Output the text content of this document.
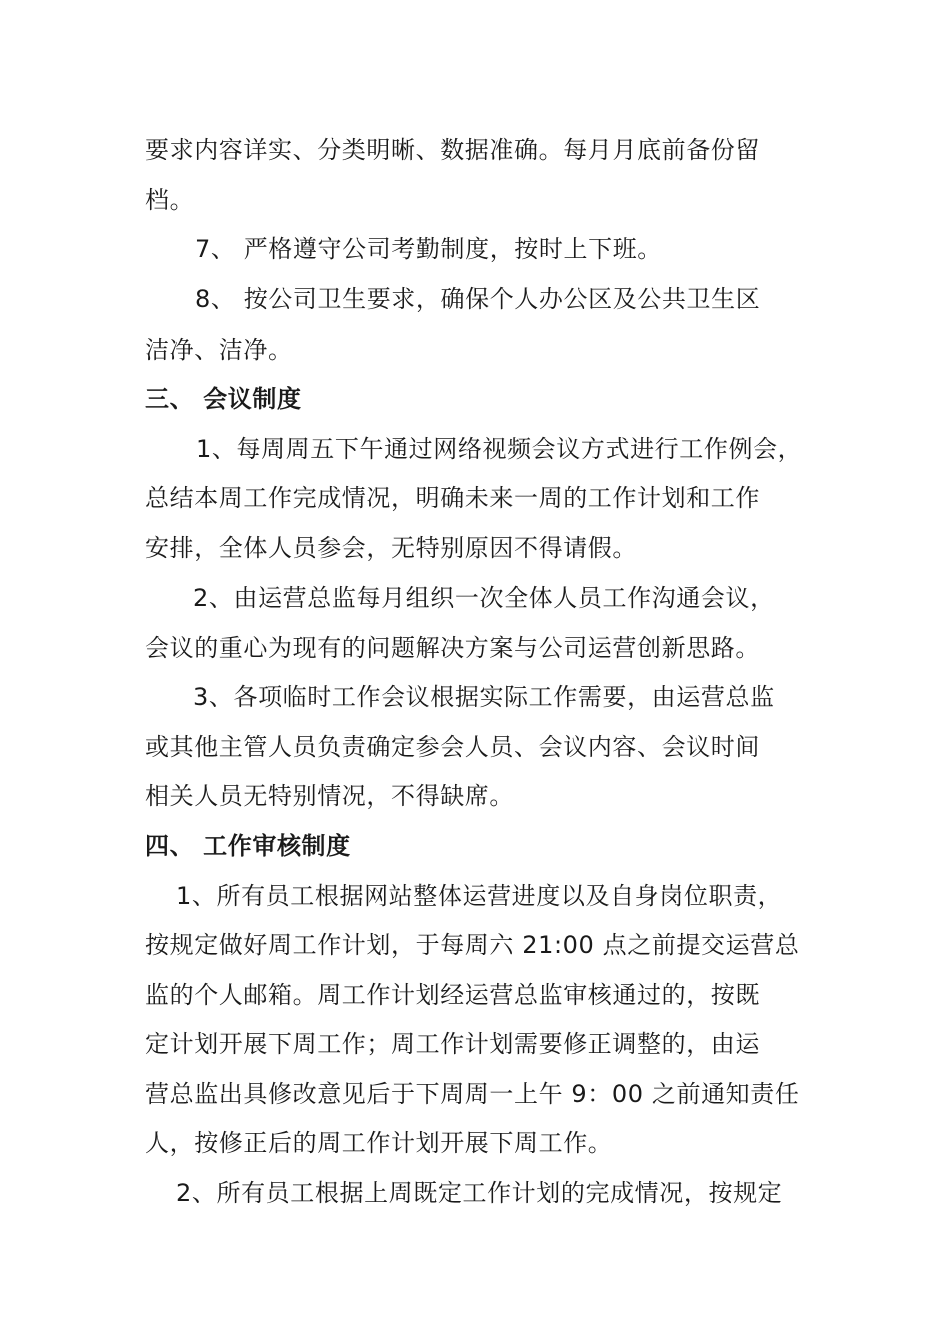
要求内容详实、分类明晰、数据准确。每月月底前备份留
档。
7、 严格遵守公司考勤制度，按时上下班。
8、 按公司卫生要求，确保个人办公区及公共卫生区
洁净、洁净。
三、 会议制度
1、每周周五下午通过网络视频会议方式进行工作例会，
总结本周工作完成情况，明确未来一周的工作计划和工作
安排，全体人员参会，无特别原因不得请假。
2、由运营总监每月组织一次全体人员工作沟通会议，
会议的重心为现有的问题解决方案与公司运营创新思路。
3、各项临时工作会议根据实际工作需要，由运营总监
或其他主管人员负责确定参会人员、会议内容、会议时间
相关人员无特别情况，不得缺席。
四、 工作审核制度
1、所有员工根据网站整体运营进度以及自身岗位职责，
按规定做好周工作计划，于每周六 21:00 点之前提交运营总
监的个人邮箱。周工作计划经运营总监审核通过的，按既
定计划开展下周工作；周工作计划需要修正调整的，由运
营总监出具修改意见后于下周周一上午 9：00 之前通知责任
人，按修正后的周工作计划开展下周工作。
2、所有员工根据上周既定工作计划的完成情况，按规定
